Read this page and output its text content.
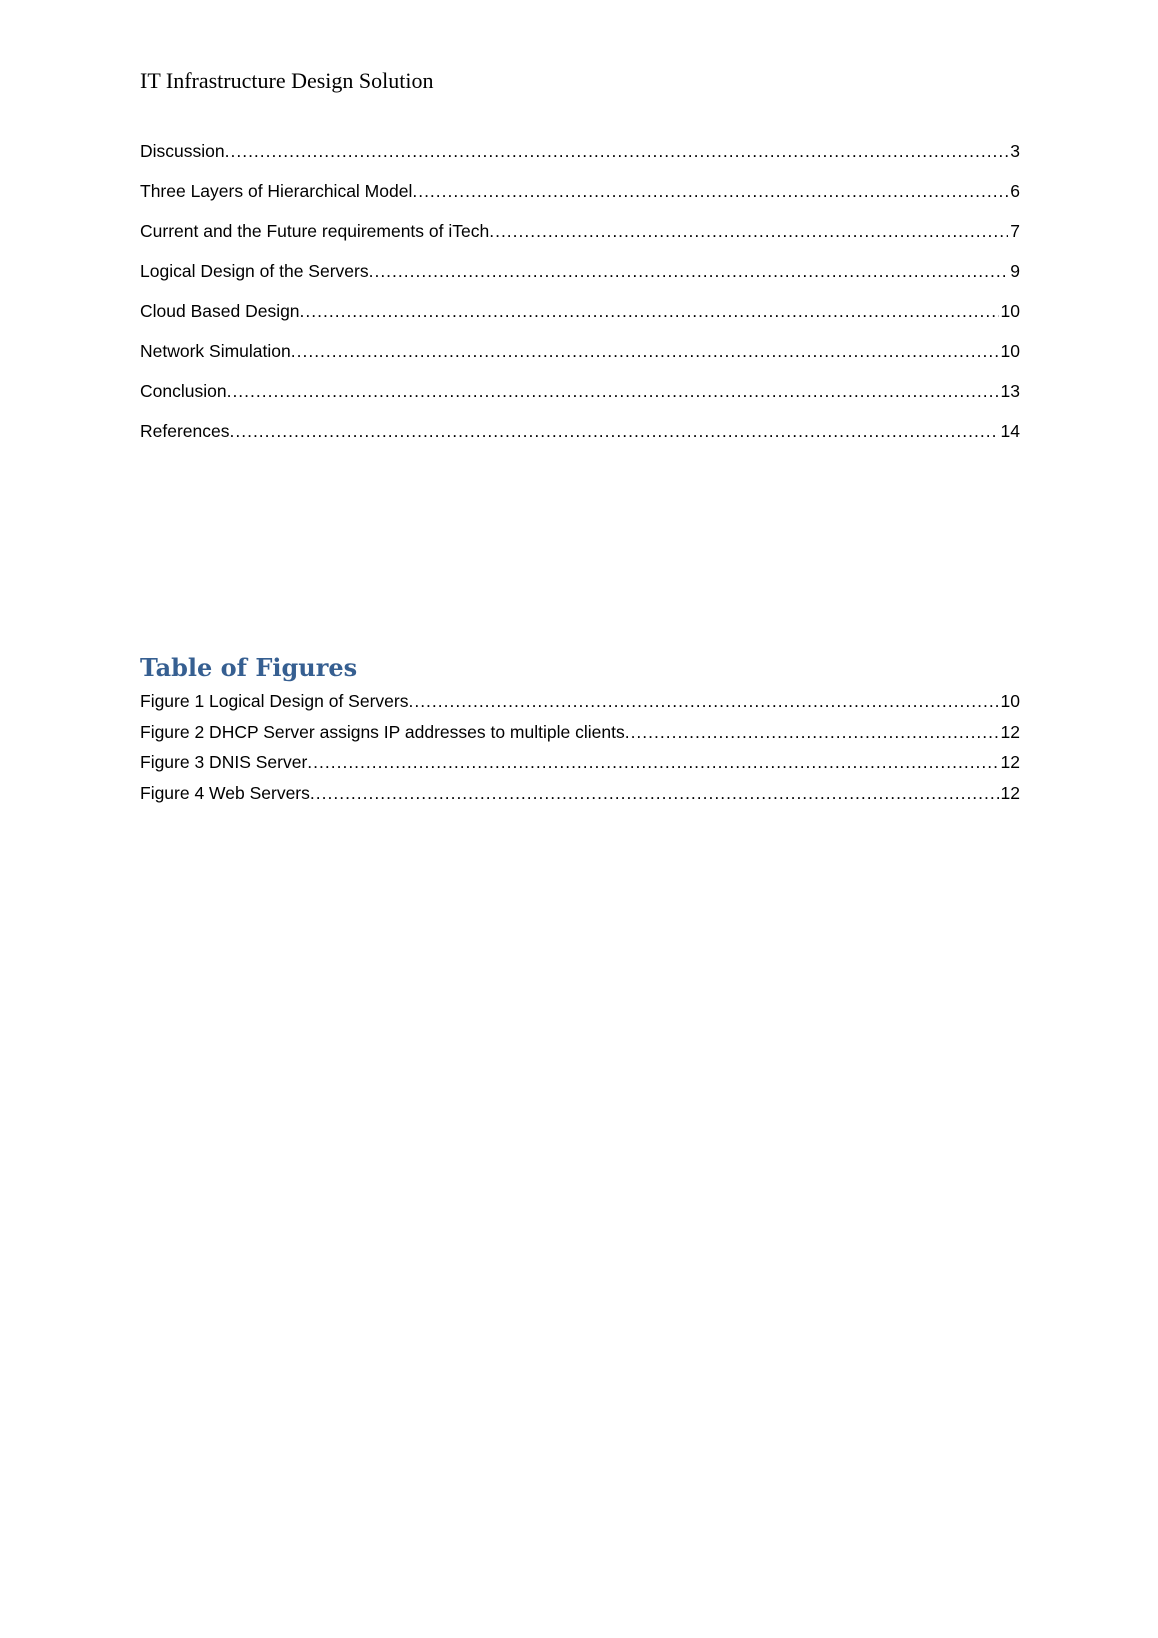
IT Infrastructure Design Solution
Discussion .....	3
Three Layers of Hierarchical Model .....	6
Current and the Future requirements of iTech .....	7
Logical Design of the Servers .....	9
Cloud Based Design .....	10
Network Simulation .....	10
Conclusion .....	13
References .....	14
Table of Figures
Figure 1 Logical Design of Servers .....	10
Figure 2 DHCP Server assigns IP addresses to multiple clients .....	12
Figure 3 DNIS Server .....	12
Figure 4 Web Servers .....	12
